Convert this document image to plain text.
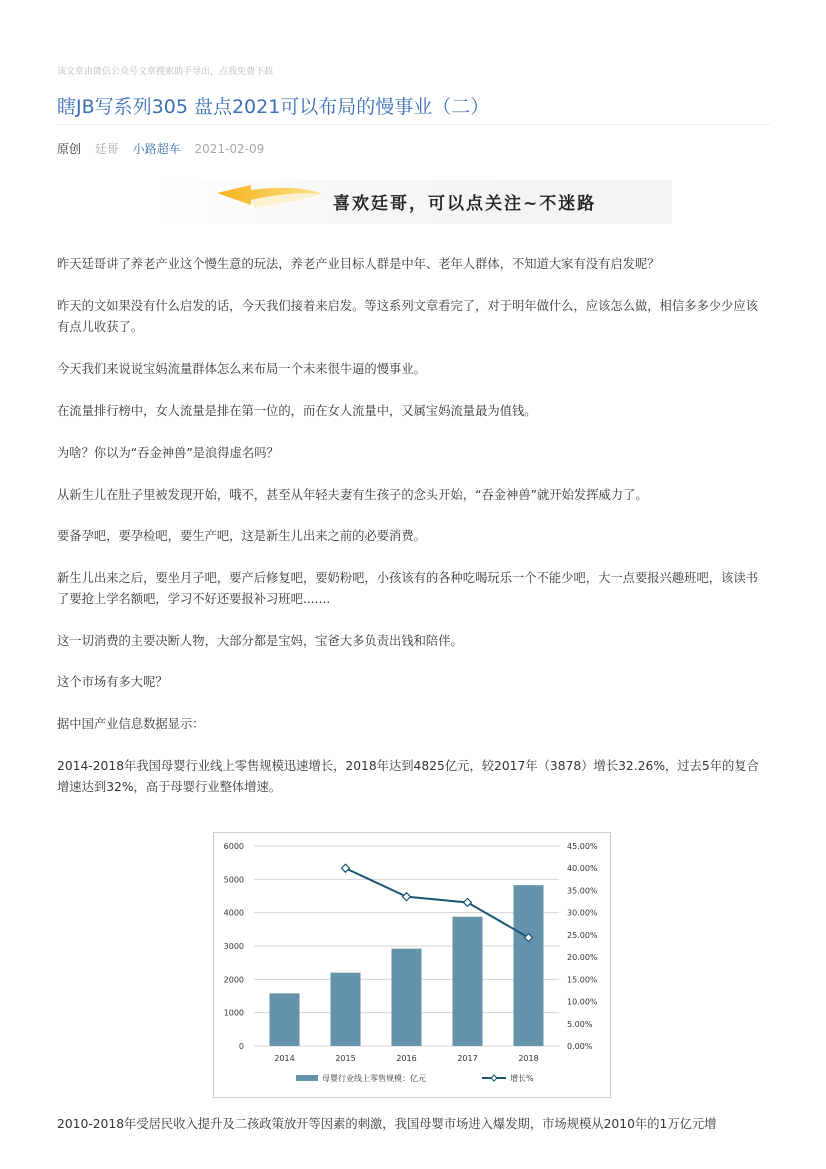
该文章由微信公众号文章搜索助手导出，点我免费下载
瞎JB写系列305 盘点2021可以布局的慢事业（二）
原创 廷哥 小路超车 2021-02-09
喜欢廷哥，可以点关注~不迷路
昨天廷哥讲了养老产业这个慢生意的玩法，养老产业目标人群是中年、老年人群体，不知道大家有没有启发呢？
昨天的文如果没有什么启发的话，今天我们接着来启发。等这系列文章看完了，对于明年做什么，应该怎么做，相信多多少少应该有点儿收获了。
今天我们来说说宝妈流量群体怎么来布局一个未来很牛逼的慢事业。
在流量排行榜中，女人流量是排在第一位的，而在女人流量中，又属宝妈流量最为值钱。
为啥？你以为“吞金神兽”是浪得虚名吗？
从新生儿在肚子里被发现开始，哦不，甚至从年轻夫妻有生孩子的念头开始，“吞金神兽”就开始发挥威力了。
要备孕吧，要孕检吧，要生产吧，这是新生儿出来之前的必要消费。
新生儿出来之后，要坐月子吧，要产后修复吧，要奶粉吧，小孩该有的各种吃喝玩乐一个不能少吧，大一点要报兴趣班吧，该读书了要抢上学名额吧，学习不好还要报补习班吧.......
这一切消费的主要决断人物，大部分都是宝妈，宝爸大多负责出钱和陪伴。
这个市场有多大呢？
据中国产业信息数据显示：
2014-2018年我国母婴行业线上零售规模迅速增长，2018年达到4825亿元，较2017年（3878）增长32.26%，过去5年的复合增速达到32%，高于母婴行业整体增速。
0
1000
2000
3000
4000
5000
6000
0.00%
5.00%
10.00%
15.00%
20.00%
25.00%
30.00%
35.00%
40.00%
45.00%
2014	2015	2016	2017	2018
母婴行业线上零售规模：亿元	增长%
2010-2018年受居民收入提升及二孩政策放开等因素的刺激，我国母婴市场进入爆发期，市场规模从2010年的1万亿元增
